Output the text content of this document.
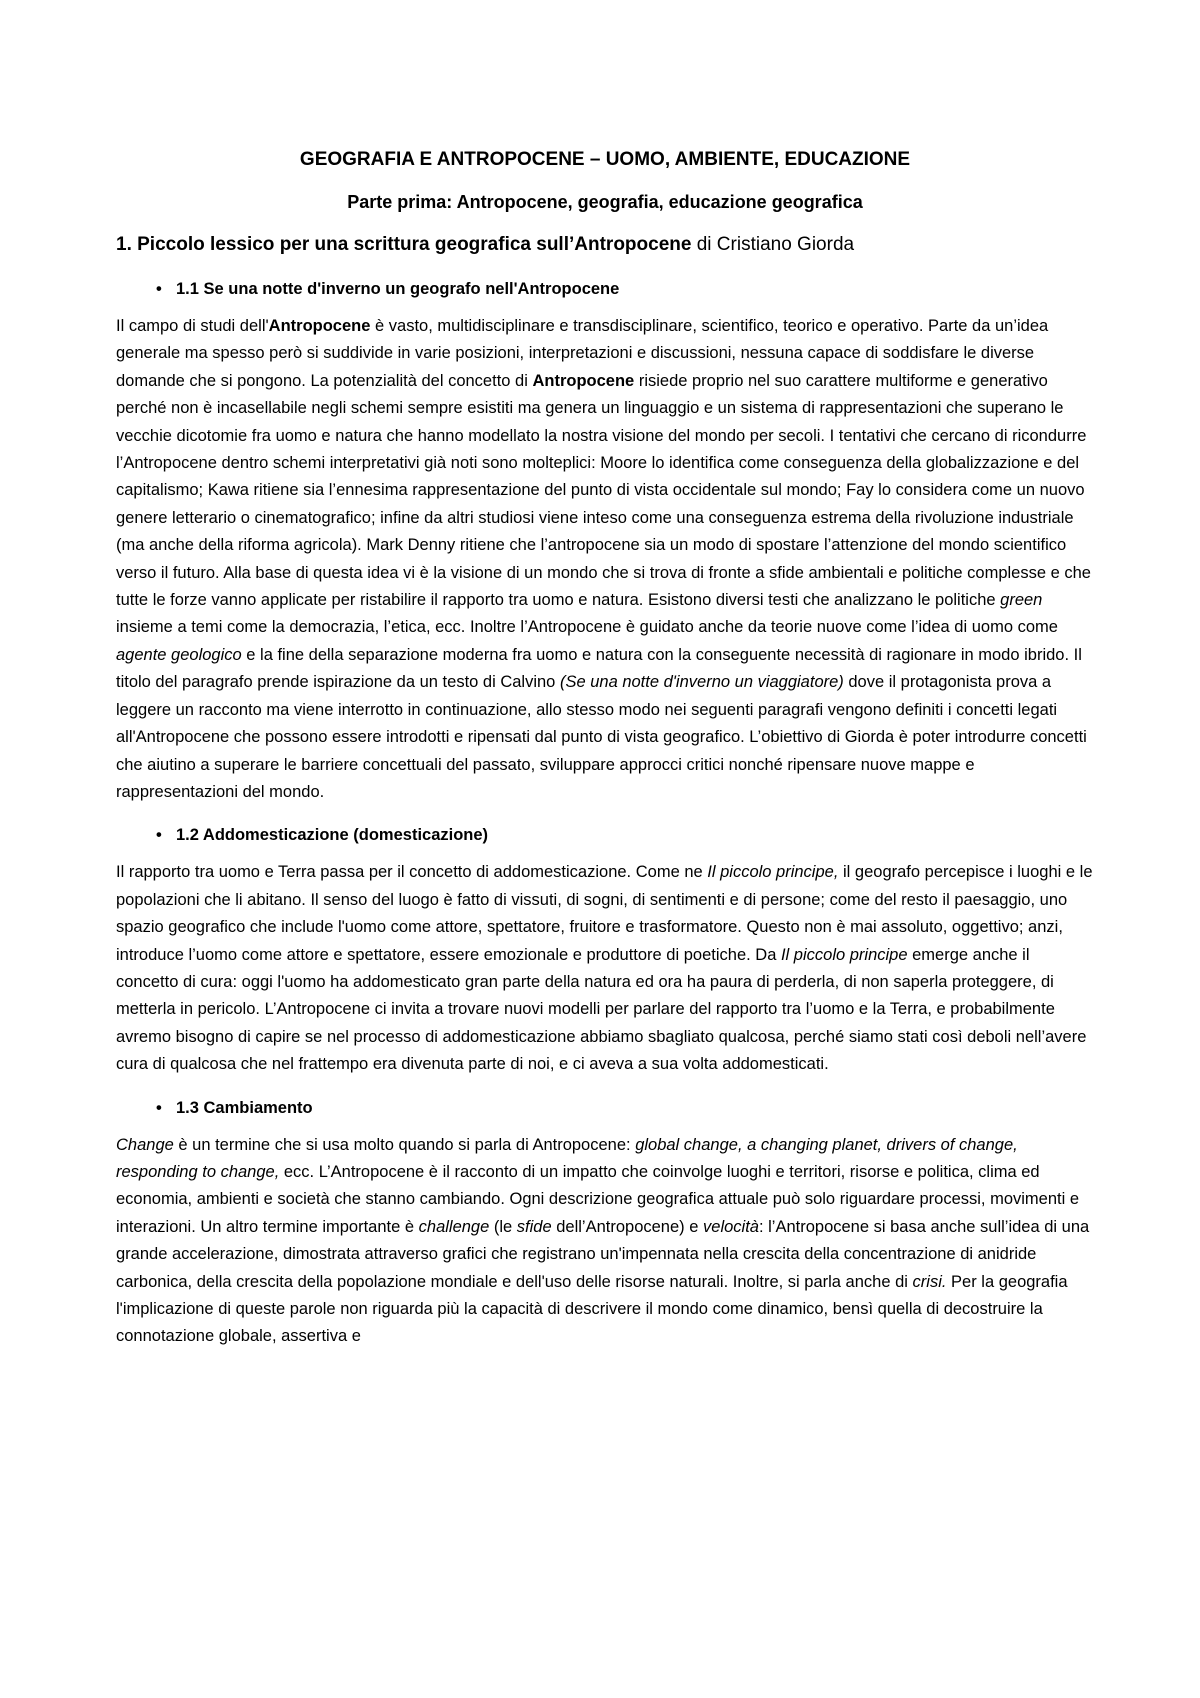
GEOGRAFIA E ANTROPOCENE – UOMO, AMBIENTE, EDUCAZIONE
Parte prima: Antropocene, geografia, educazione geografica
1. Piccolo lessico per una scrittura geografica sull’Antropocene di Cristiano Giorda
• 1.1 Se una notte d'inverno un geografo nell'Antropocene

Il campo di studi dell'Antropocene è vasto, multidisciplinare e transdisciplinare, scientifico, teorico e operativo. Parte da un’idea generale ma spesso però si suddivide in varie posizioni, interpretazioni e discussioni, nessuna capace di soddisfare le diverse domande che si pongono. La potenzialità del concetto di Antropocene risiede proprio nel suo carattere multiforme e generativo perché non è incasellabile negli schemi sempre esistiti ma genera un linguaggio e un sistema di rappresentazioni che superano le vecchie dicotomie fra uomo e natura che hanno modellato la nostra visione del mondo per secoli. I tentativi che cercano di ricondurre l’Antropocene dentro schemi interpretativi già noti sono molteplici: Moore lo identifica come conseguenza della globalizzazione e del capitalismo; Kawa ritiene sia l’ennesima rappresentazione del punto di vista occidentale sul mondo; Fay lo considera come un nuovo genere letterario o cinematografico; infine da altri studiosi viene inteso come una conseguenza estrema della rivoluzione industriale (ma anche della riforma agricola). Mark Denny ritiene che l’antropocene sia un modo di spostare l’attenzione del mondo scientifico verso il futuro. Alla base di questa idea vi è la visione di un mondo che si trova di fronte a sfide ambientali e politiche complesse e che tutte le forze vanno applicate per ristabilire il rapporto tra uomo e natura. Esistono diversi testi che analizzano le politiche green insieme a temi come la democrazia, l’etica, ecc. Inoltre l’Antropocene è guidato anche da teorie nuove come l’idea di uomo come agente geologico e la fine della separazione moderna fra uomo e natura con la conseguente necessità di ragionare in modo ibrido. Il titolo del paragrafo prende ispirazione da un testo di Calvino (Se una notte d'inverno un viaggiatore) dove il protagonista prova a leggere un racconto ma viene interrotto in continuazione, allo stesso modo nei seguenti paragrafi vengono definiti i concetti legati all'Antropocene che possono essere introdotti e ripensati dal punto di vista geografico. L’obiettivo di Giorda è poter introdurre concetti che aiutino a superare le barriere concettuali del passato, sviluppare approcci critici nonché ripensare nuove mappe e rappresentazioni del mondo.

• 1.2 Addomesticazione (domesticazione)

Il rapporto tra uomo e Terra passa per il concetto di addomesticazione. Come ne Il piccolo principe, il geografo percepisce i luoghi e le popolazioni che li abitano. Il senso del luogo è fatto di vissuti, di sogni, di sentimenti e di persone; come del resto il paesaggio, uno spazio geografico che include l'uomo come attore, spettatore, fruitore e trasformatore. Questo non è mai assoluto, oggettivo; anzi, introduce l’uomo come attore e spettatore, essere emozionale e produttore di poetiche. Da Il piccolo principe emerge anche il concetto di cura: oggi l'uomo ha addomesticato gran parte della natura ed ora ha paura di perderla, di non saperla proteggere, di metterla in pericolo. L’Antropocene ci invita a trovare nuovi modelli per parlare del rapporto tra l’uomo e la Terra, e probabilmente avremo bisogno di capire se nel processo di addomesticazione abbiamo sbagliato qualcosa, perché siamo stati così deboli nell’avere cura di qualcosa che nel frattempo era divenuta parte di noi, e ci aveva a sua volta addomesticati.

• 1.3 Cambiamento

Change è un termine che si usa molto quando si parla di Antropocene: global change, a changing planet, drivers of change, responding to change, ecc. L’Antropocene è il racconto di un impatto che coinvolge luoghi e territori, risorse e politica, clima ed economia, ambienti e società che stanno cambiando. Ogni descrizione geografica attuale può solo riguardare processi, movimenti e interazioni. Un altro termine importante è challenge (le sfide dell’Antropocene) e velocità: l’Antropocene si basa anche sull’idea di una grande accelerazione, dimostrata attraverso grafici che registrano un'impennata nella crescita della concentrazione di anidride carbonica, della crescita della popolazione mondiale e dell'uso delle risorse naturali. Inoltre, si parla anche di crisi. Per la geografia l'implicazione di queste parole non riguarda più la capacità di descrivere il mondo come dinamico, bensì quella di decostruire la connotazione globale, assertiva e
